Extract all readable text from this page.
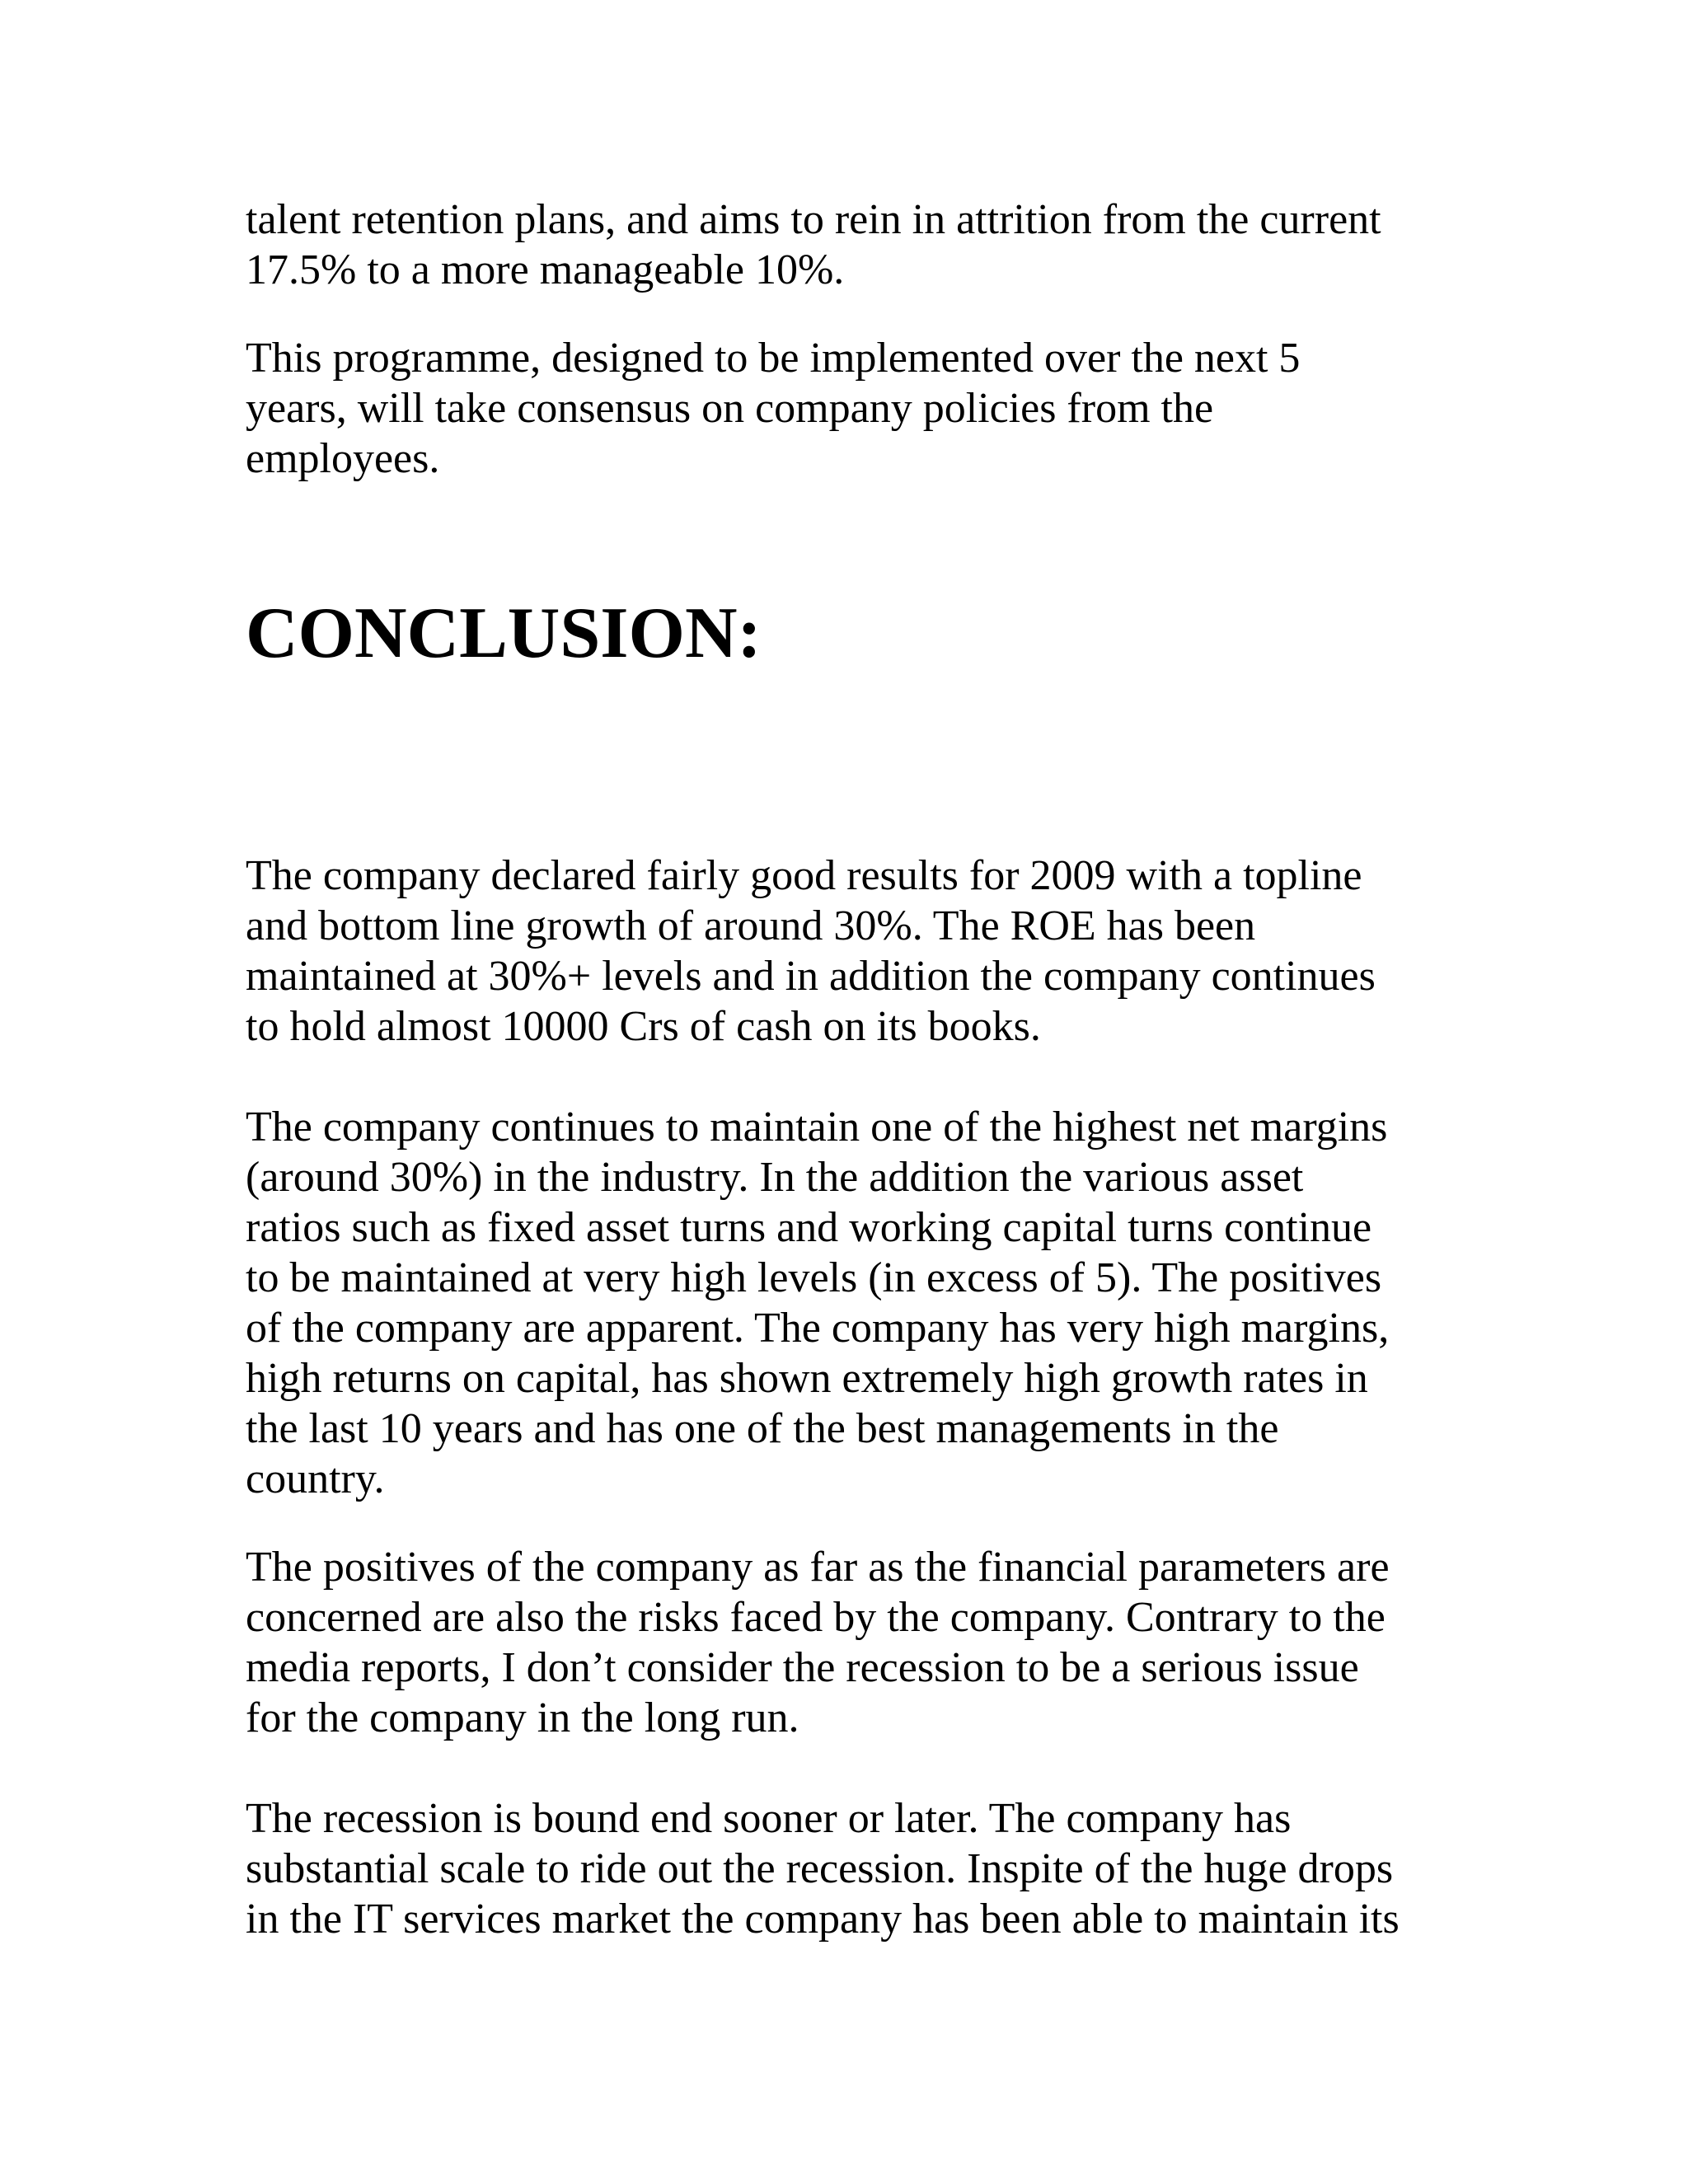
talent retention plans, and aims to rein in attrition from the current
17.5% to a more manageable 10%.

This programme, designed to be implemented over the next 5
years, will take consensus on company policies from the
employees.

CONCLUSION:

The company declared fairly good results for 2009 with a topline
and bottom line growth of around 30%. The ROE has been
maintained at 30%+ levels and in addition the company continues
to hold almost 10000 Crs of cash on its books.

The company continues to maintain one of the highest net margins
(around 30%) in the industry. In the addition the various asset
ratios such as fixed asset turns and working capital turns continue
to be maintained at very high levels (in excess of 5). The positives
of the company are apparent. The company has very high margins,
high returns on capital, has shown extremely high growth rates in
the last 10 years and has one of the best managements in the
country.

The positives of the company as far as the financial parameters are
concerned are also the risks faced by the company. Contrary to the
media reports, I don’t consider the recession to be a serious issue
for the company in the long run.

The recession is bound end sooner or later. The company has
substantial scale to ride out the recession. Inspite of the huge drops
in the IT services market the company has been able to maintain its
